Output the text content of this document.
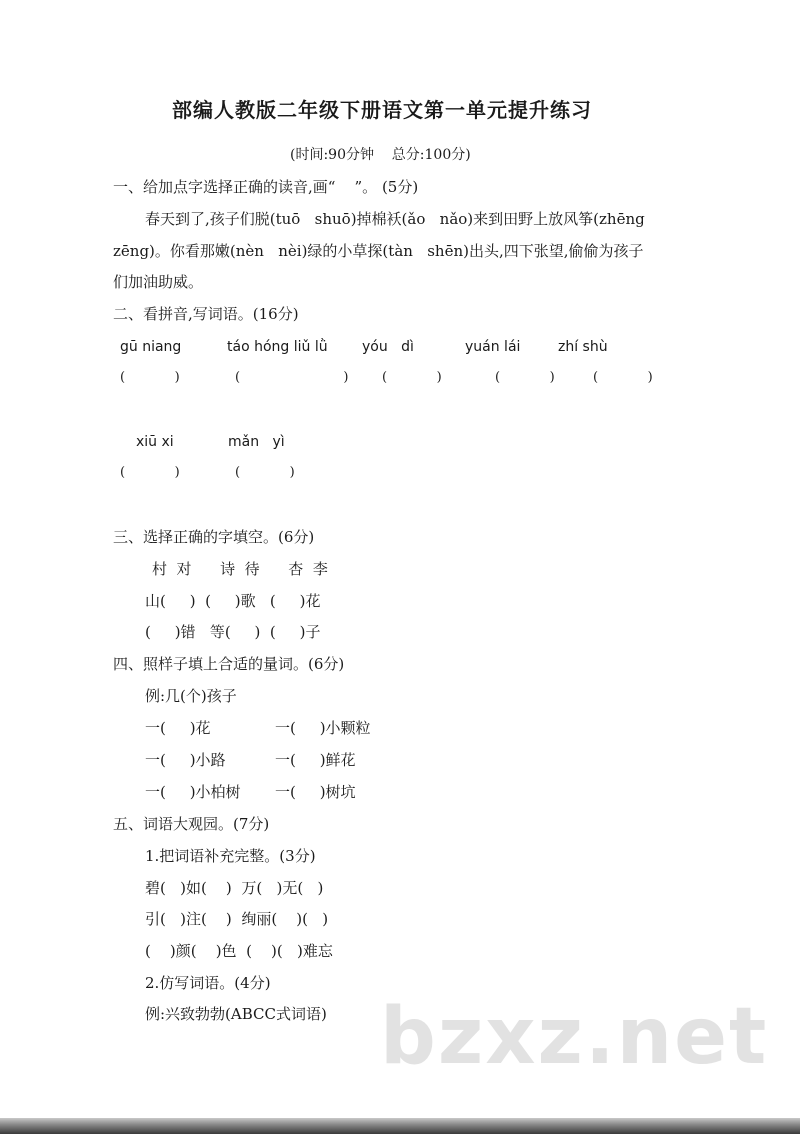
部编人教版二年级下册语文第一单元提升练习
(时间:90分钟    总分:100分)
一、给加点字选择正确的读音,画“    ”。 (5分)
春天到了,孩子们脱(tuō   shuō)掉棉袄(ǎo   nǎo)来到田野上放风筝(zhēng
zēng)。你看那嫩(nèn   nèi)绿的小草探(tàn   shēn)出头,四下张望,偷偷为孩子
们加油助威。
二、看拼音,写词语。(16分)
gū niang	táo hóng liǔ lǜ yóu   dì	yuán lái	zhí shù
(            )	(                         )	(            )	(            )	(            )
xiū xi	mǎn   yì
(            )	(            )
三、选择正确的字填空。(6分)
村  对      诗  待      杏  李
山(     )  (     )歌   (     )花
(     )错   等(     )  (     )子
四、照样子填上合适的量词。(6分)
例:几(个)孩子
一(     )花	一(     )小颗粒
一(     )小路	一(     )鲜花
一(     )小柏树 一(     )树坑
五、词语大观园。(7分)
1.把词语补充完整。(3分)
碧(   )如(    )  万(   )无(   )
引(   )注(    )  绚丽(    )(   )
(    )颜(    )色  (    )(   )难忘
2.仿写词语。(4分)
例:兴致勃勃(ABCC式词语) bzxz.net
